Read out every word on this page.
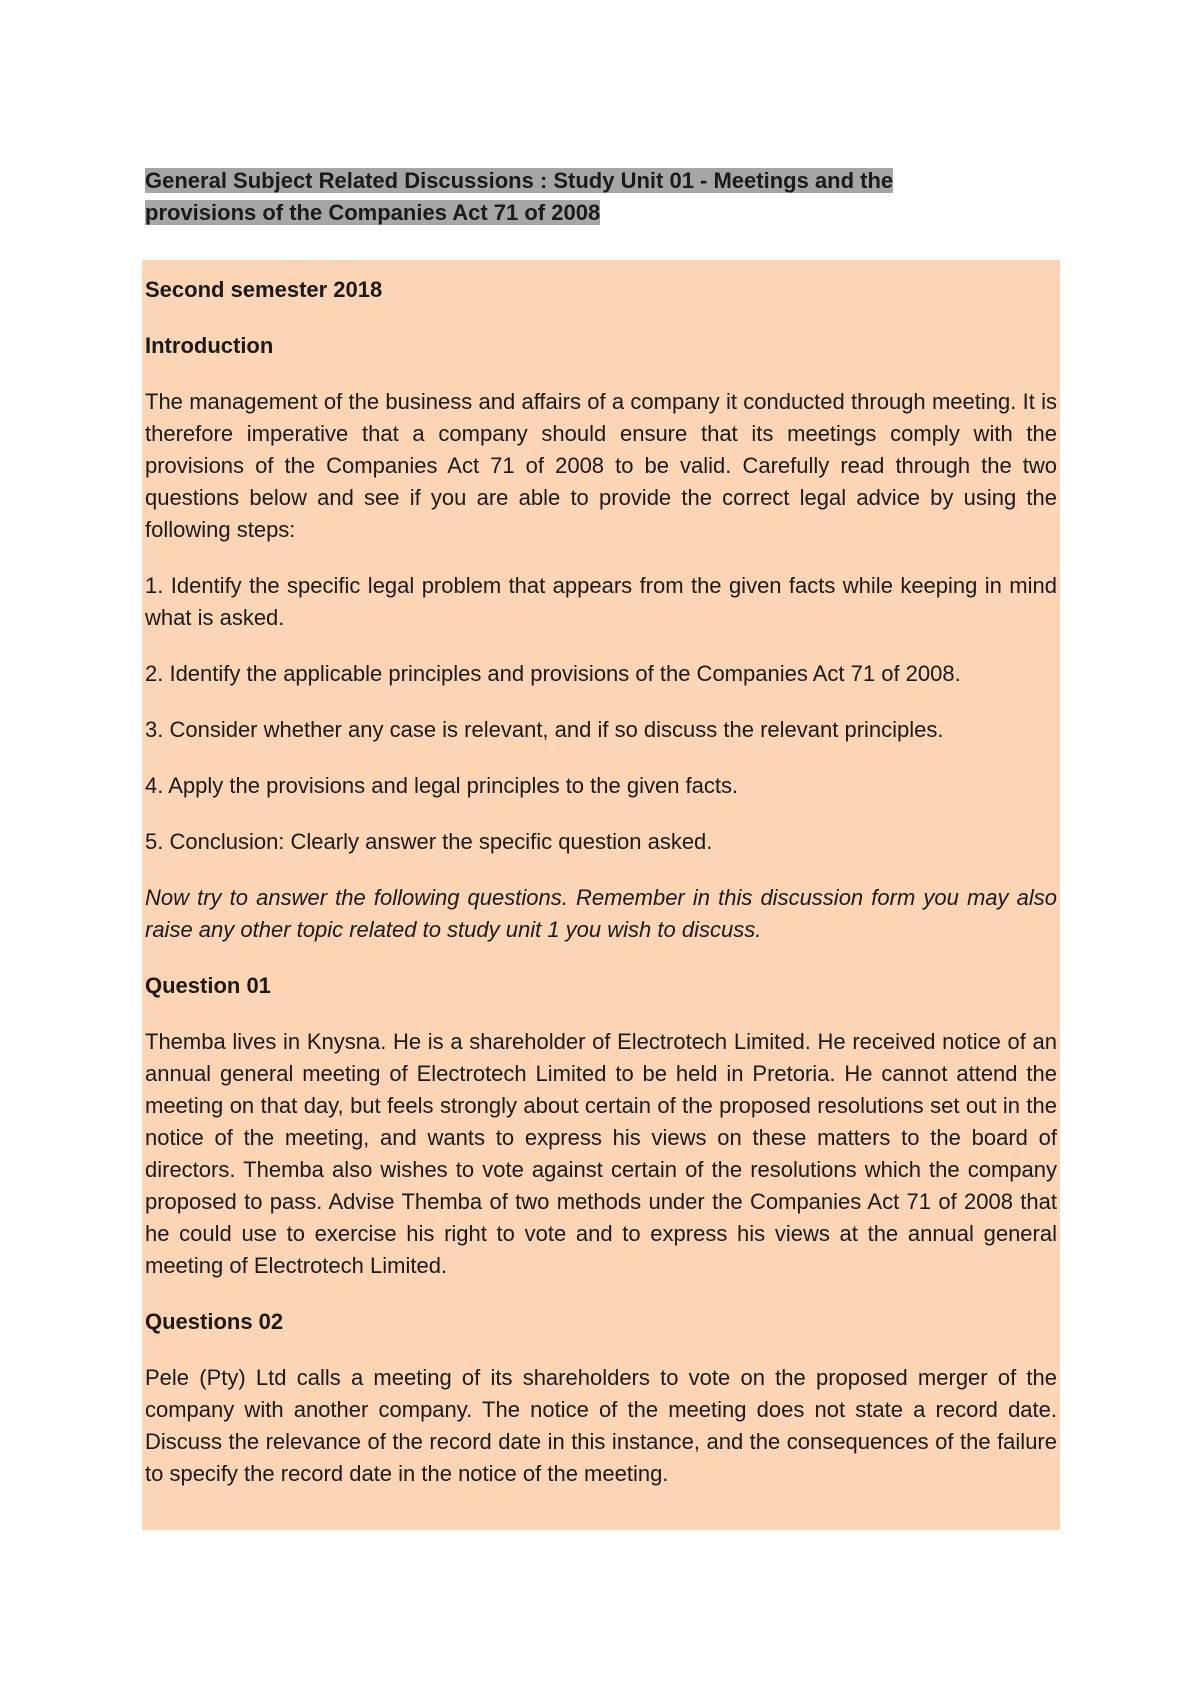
General Subject Related Discussions : Study Unit 01 - Meetings and the provisions of the Companies Act 71 of 2008

Second semester 2018

Introduction

The management of the business and affairs of a company it conducted through meeting. It is therefore imperative that a company should ensure that its meetings comply with the provisions of the Companies Act 71 of 2008 to be valid. Carefully read through the two questions below and see if you are able to provide the correct legal advice by using the following steps:

1. Identify the specific legal problem that appears from the given facts while keeping in mind what is asked.

2. Identify the applicable principles and provisions of the Companies Act 71 of 2008.

3. Consider whether any case is relevant, and if so discuss the relevant principles.

4. Apply the provisions and legal principles to the given facts.

5. Conclusion: Clearly answer the specific question asked.

Now try to answer the following questions. Remember in this discussion form you may also raise any other topic related to study unit 1 you wish to discuss.

Question 01

Themba lives in Knysna. He is a shareholder of Electrotech Limited. He received notice of an annual general meeting of Electrotech Limited to be held in Pretoria. He cannot attend the meeting on that day, but feels strongly about certain of the proposed resolutions set out in the notice of the meeting, and wants to express his views on these matters to the board of directors. Themba also wishes to vote against certain of the resolutions which the company proposed to pass. Advise Themba of two methods under the Companies Act 71 of 2008 that he could use to exercise his right to vote and to express his views at the annual general meeting of Electrotech Limited.

Questions 02

Pele (Pty) Ltd calls a meeting of its shareholders to vote on the proposed merger of the company with another company. The notice of the meeting does not state a record date. Discuss the relevance of the record date in this instance, and the consequences of the failure to specify the record date in the notice of the meeting.
